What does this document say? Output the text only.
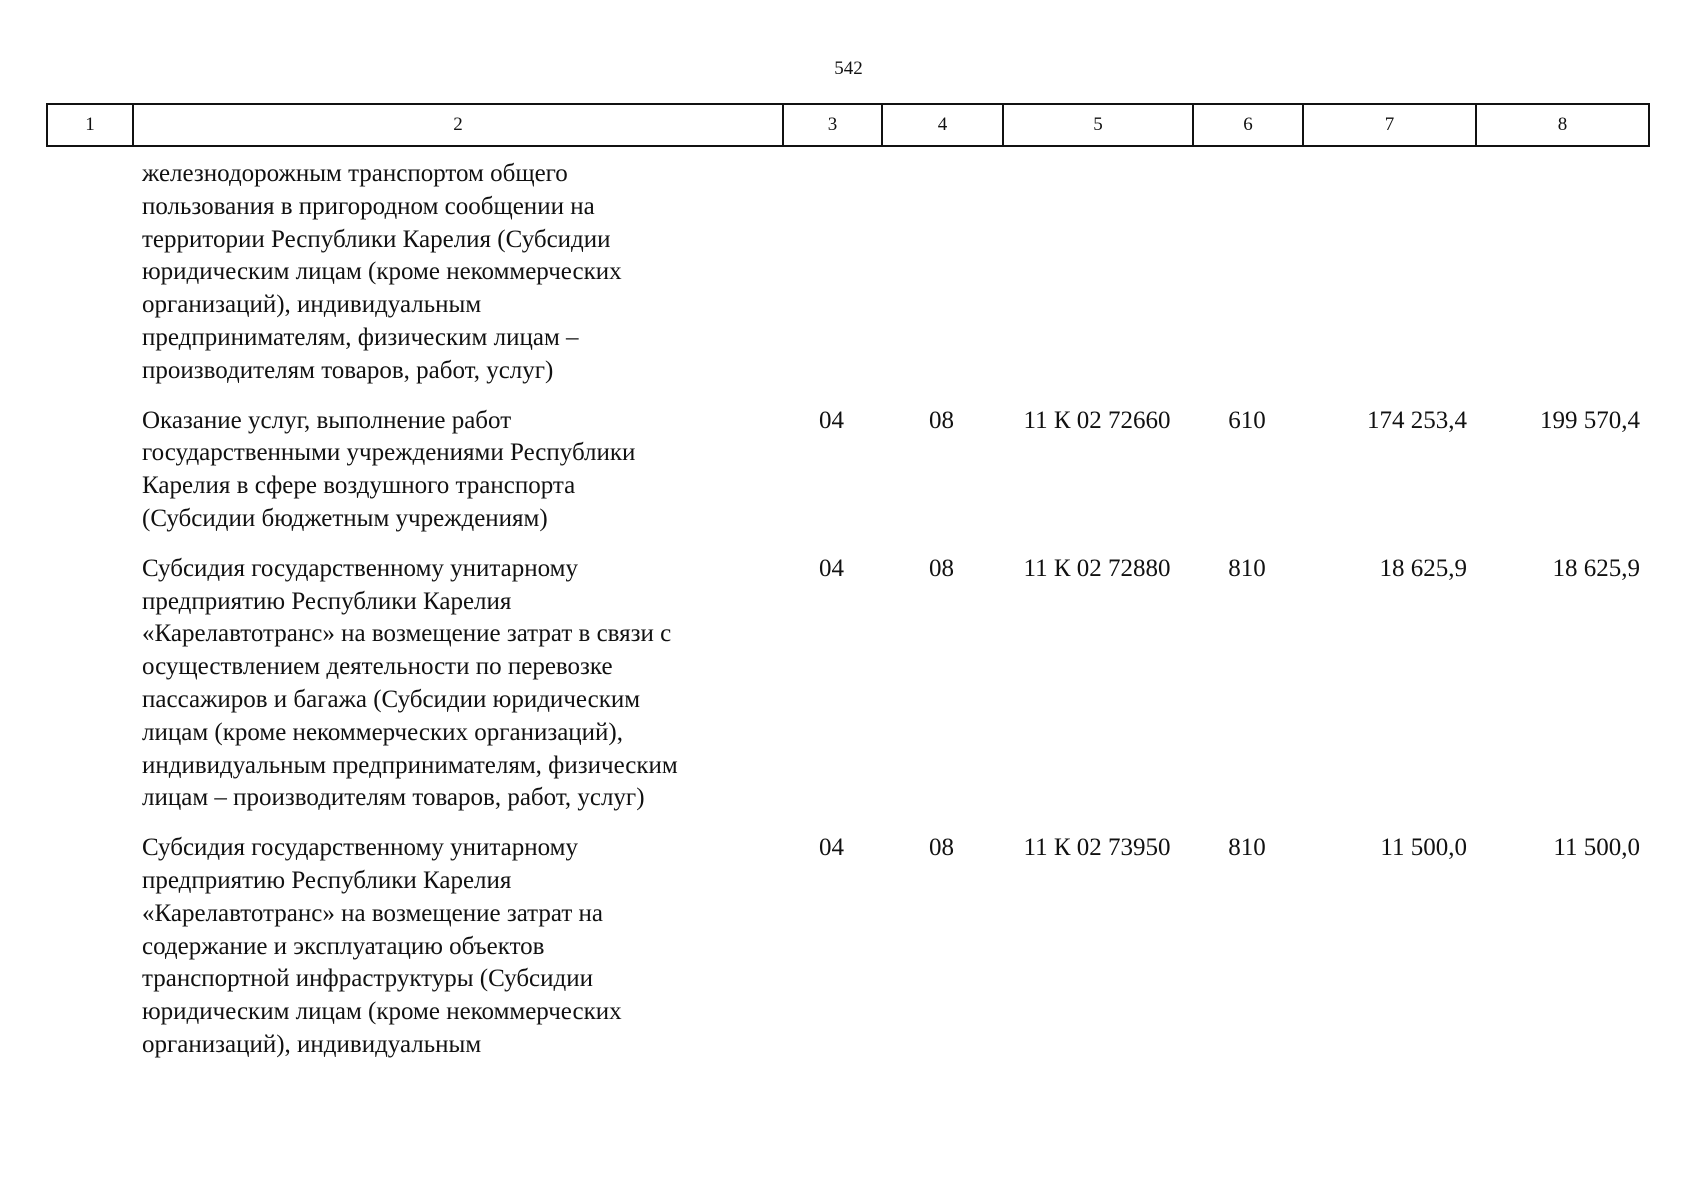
542
1	2	3	4	5	6	7	8
железнодорожным транспортом общего
пользования в пригородном сообщении на
территории Республики Карелия (Субсидии
юридическим лицам (кроме некоммерческих
организаций), индивидуальным
предпринимателям, физическим лицам –
производителям товаров, работ, услуг)
Оказание услуг, выполнение работ
государственными учреждениями Республики
Карелия в сфере воздушного транспорта
(Субсидии бюджетным учреждениям)
04	08	11 К 02 72660	610	174 253,4	199 570,4
Субсидия государственному унитарному
предприятию Республики Карелия
«Карелавтотранс» на возмещение затрат в связи с
осуществлением деятельности по перевозке
пассажиров и багажа (Субсидии юридическим
лицам (кроме некоммерческих организаций),
индивидуальным предпринимателям, физическим
лицам – производителям товаров, работ, услуг)
04	08	11 К 02 72880	810	18 625,9	18 625,9
Субсидия государственному унитарному
предприятию Республики Карелия
«Карелавтотранс» на возмещение затрат на
содержание и эксплуатацию объектов
транспортной инфраструктуры (Субсидии
юридическим лицам (кроме некоммерческих
организаций), индивидуальным
04	08	11 К 02 73950	810	11 500,0	11 500,0
